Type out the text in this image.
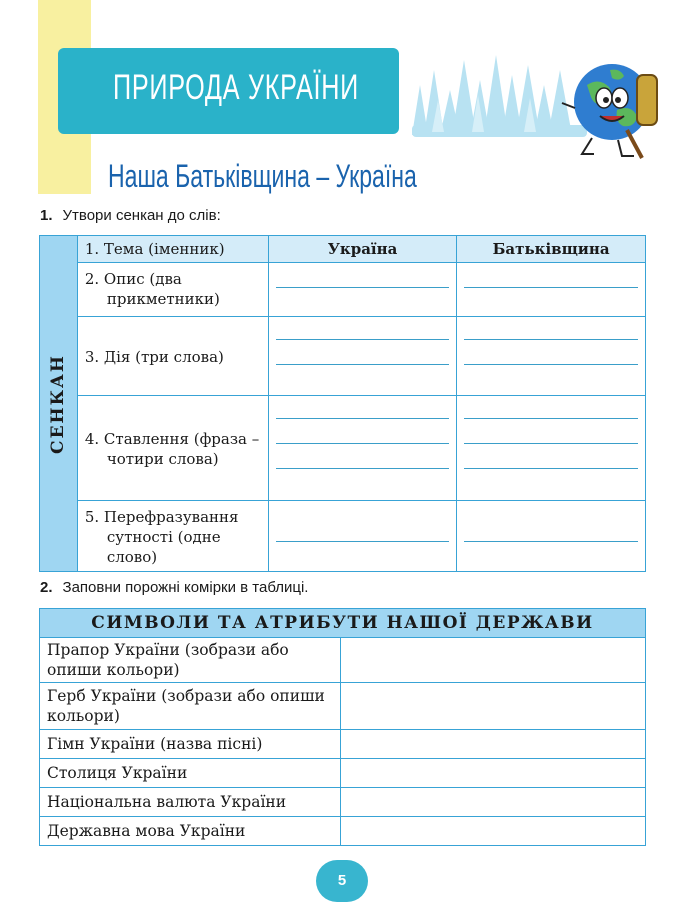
ПРИРОДА УКРАЇНИ
Наша Батьківщина – Україна
1. Утвори сенкан до слів:
СЕНКАН	1. Тема (іменник)	Україна	Батьківщина

	2. Опис (два прикметники)		

	3. Дія (три слова)		

	4. Ставлення (фраза – чотири слова)		

	5. Перефразування сутності (одне слово)		

2. Заповни порожні комірки в таблиці.
СИМВОЛИ ТА АТРИБУТИ НАШОЇ ДЕРЖАВИ	
Прапор України (зобрази або опиши кольори)	
Герб України (зобрази або опиши кольори)	
Гімн України (назва пісні)	
Столиця України	
Національна валюта України	
Державна мова України	
5
